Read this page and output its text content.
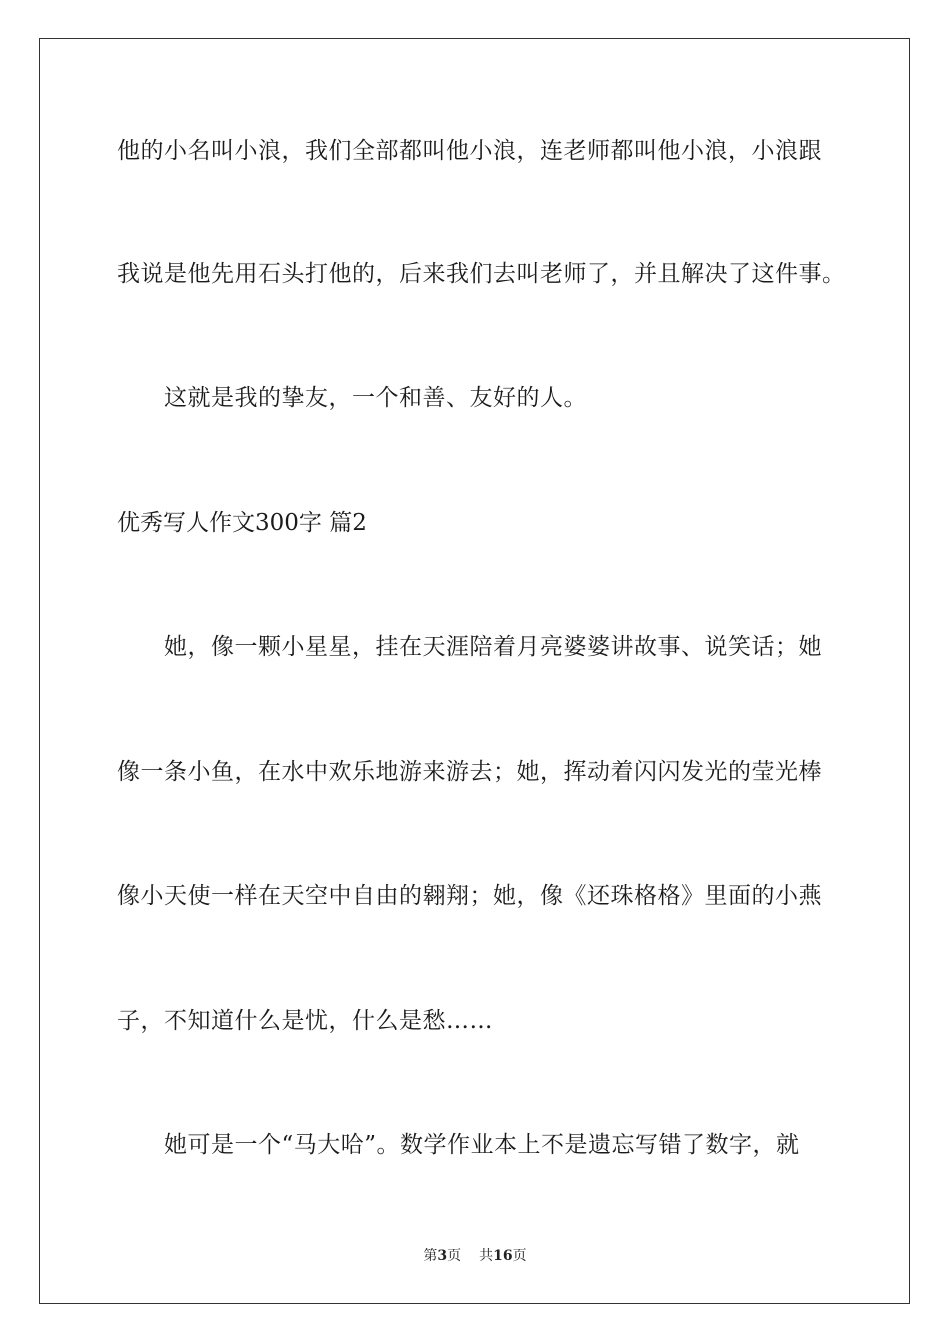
他的小名叫小浪，我们全部都叫他小浪，连老师都叫他小浪，小浪跟
我说是他先用石头打他的，后来我们去叫老师了，并且解决了这件事。
这就是我的挚友，一个和善、友好的人。
优秀写人作文300字 篇2
她，像一颗小星星，挂在天涯陪着月亮婆婆讲故事、说笑话；她
像一条小鱼，在水中欢乐地游来游去；她，挥动着闪闪发光的莹光棒
像小天使一样在天空中自由的翱翔；她，像《还珠格格》里面的小燕
子，不知道什么是忧，什么是愁……
她可是一个“马大哈”。数学作业本上不是遗忘写错了数字，就
第3页 共16页
